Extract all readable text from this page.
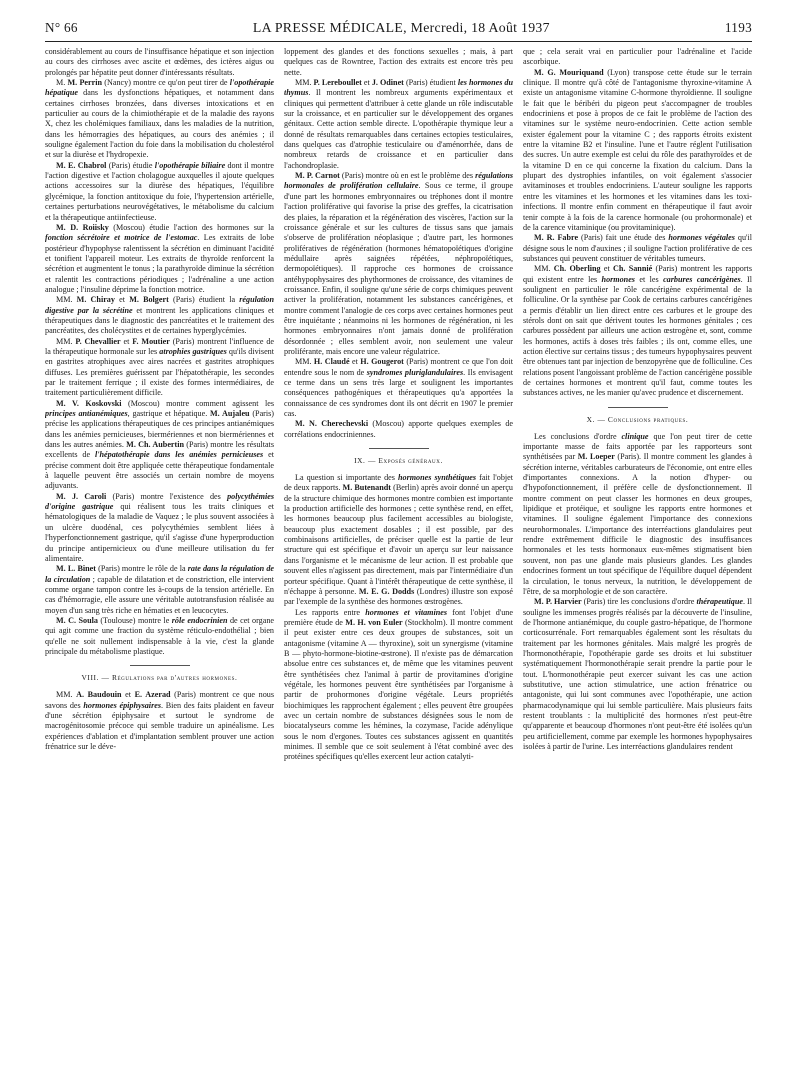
N° 66	LA PRESSE MÉDICALE, Mercredi, 18 Août 1937	1193

considérablement au cours de l'insuffisance hépatique et son injection au cours des cirrhoses avec ascite et œdèmes, des ictères aigus ou prolongés par hépatite peut donner d'intéressants résultats.

M. M. Perrin (Nancy) montre ce qu'on peut tirer de l'opothérapie hépatique dans les dysfonctions hépatiques, et notamment dans certaines cirrhoses bronzées, dans diverses intoxications et en particulier au cours de la chimiothérapie et de la maladie des rayons X, chez les cholémiques familiaux, dans les maladies de la nutrition, dans les hémorragies des hépatiques, au cours des anémies ; il souligne également l'action du foie dans la mobilisation du cholestérol et sur la diurèse et l'hydropexie.

M. E. Chabrol (Paris) étudie l'opothérapie biliaire dont il montre l'action digestive et l'action cholagogue auxquelles il ajoute quelques actions accessoires sur la diurèse des hépatiques, l'équilibre glycémique, la fonction antitoxique du foie, l'hypertension artérielle, certaines perturbations neurovégétatives, le métabolisme du calcium et la thérapeutique antiinfectieuse.

M. D. Roiisky (Moscou) étudie l'action des hormones sur la fonction sécrétoire et motrice de l'estomac. Les extraits de lobe postérieur d'hypophyse ralentissent la sécrétion en diminuant l'acidité et tonifient l'appareil moteur. Les extraits de thyroïde renforcent la sécrétion et augmentent le tonus ; la parathyroïde diminue la sécrétion et ralentit les contractions périodiques ; l'adrénaline a une action analogue ; l'insuline déprime la fonction motrice.

MM. M. Chiray et M. Bolgert (Paris) étudient la régulation digestive par la sécrétine et montrent les applications cliniques et thérapeutiques dans le diagnostic des pancréatites et le traitement des pancréatites, des cholécystites et de certaines hyperglycémies.

MM. P. Chevallier et F. Moutier (Paris) montrent l'influence de la thérapeutique hormonale sur les atrophies gastriques qu'ils divisent en gastrites atrophiques avec aires nacrées et gastrites atrophiques diffuses. Les premières guérissent par l'hépatothérapie, les secondes par le traitement ferrique ; il existe des formes intermédiaires, de traitement particulièrement difficile.

M. V. Koskovski (Moscou) montre comment agissent les principes antianémiques, gastrique et hépatique. M. Aujaleu (Paris) précise les applications thérapeutiques de ces principes antianémiques dans les anémies pernicieuses, biermériennes et non biermériennes et dans les autres anémies. M. Ch. Aubertin (Paris) montre les résultats excellents de l'hépatothérapie dans les anémies pernicieuses et précise comment doit être appliquée cette thérapeutique fondamentale à laquelle peuvent être associés un certain nombre de moyens adjuvants.

M. J. Caroli (Paris) montre l'existence des polycythémies d'origine gastrique qui réalisent tous les traits cliniques et hématologiques de la maladie de Vaquez ; le plus souvent associées à un ulcère duodénal, ces polycythémies semblent liées à l'hyperfonctionnement gastrique, qu'il s'agisse d'une hyperproduction du principe antipernicieux ou d'une meilleure utilisation du fer alimentaire.

M. L. Binet (Paris) montre le rôle de la rate dans la régulation de la circulation ; capable de dilatation et de constriction, elle intervient comme organe tampon contre les à-coups de la tension artérielle. En cas d'hémorragie, elle assure une véritable autotransfusion réalisée au moyen d'un sang très riche en hématies et en leucocytes.

M. C. Soula (Toulouse) montre le rôle endocrinien de cet organe qui agit comme une fraction du système réticulo-endothélial ; bien qu'elle ne soit nullement indispensable à la vie, c'est la glande principale du métabolisme plastique.

VIII. — Régulations par d'autres hormones.

MM. A. Baudouin et E. Azerad (Paris) montrent ce que nous savons des hormones épiphysaires. Bien des faits plaident en faveur d'une sécrétion épiphysaire et surtout le syndrome de macrogénitosomie précoce qui semble traduire un apinéalisme. Les expériences d'ablation et d'implantation semblent prouver une action frénatrice sur le déve-

loppement des glandes et des fonctions sexuelles ; mais, à part quelques cas de Rowntree, l'action des extraits est encore très peu nette.

MM. P. Lereboullet et J. Odinet (Paris) étudient les hormones du thymus. Il montrent les nombreux arguments expérimentaux et cliniques qui permettent d'attribuer à cette glande un rôle indiscutable sur la croissance, et en particulier sur le développement des organes génitaux. Cette action semble directe. L'opothérapie thymique leur a donné de résultats remarquables dans certaines ectopies testiculaires, dans quelques cas d'atrophie testiculaire ou d'aménorrhée, dans de nombreux retards de croissance et en particulier dans l'achondroplasie.

M. P. Carnot (Paris) montre où en est le problème des régulations hormonales de prolifération cellulaire. Sous ce terme, il groupe d'une part les hormones embryonnaires ou tréphones dont il montre l'action proliférative qui favorise la prise des greffes, la cicatrisation des plaies, la réparation et la régénération des viscères, l'action sur la croissance générale et sur les cultures de tissus sans que jamais s'observe de prolifération néoplasique ; d'autre part, les hormones prolifératives de régénération (hormones hématopoïétiques d'origine médullaire après saignées répétées, néphropoïétiques, dermopoïétiques). Il rapproche ces hormones de croissance antéhypophysaires des phythormones de croissance, des vitamines de croissance. Enfin, il souligne qu'une série de corps chimiques peuvent activer la prolifération, notamment les substances cancérigènes, et montre comment l'analogie de ces corps avec certaines hormones peut être inquiétante ; néanmoins ni les hormones de régénération, ni les hormones embryonnaires n'ont jamais donné de prolifération désordonnée ; elles semblent avoir, non seulement une valeur proliférante, mais encore une valeur régulatrice.

MM. H. Claudé et H. Gougerot (Paris) montrent ce que l'on doit entendre sous le nom de syndromes pluriglandulaires. Ils envisagent ce terme dans un sens très large et soulignent les importantes conséquences pathogéniques et thérapeutiques qu'a apportées la connaissance de ces syndromes dont ils ont décrit en 1907 le premier cas.

M. N. Cherechevski (Moscou) apporte quelques exemples de corrélations endocriniennes.

IX. — Exposés généraux.

La question si importante des hormones synthétiques fait l'objet de deux rapports. M. Butenandt (Berlin) après avoir donné un aperçu de la structure chimique des hormones montre combien est importante la production artificielle des hormones ; cette synthèse rend, en effet, les hormones beaucoup plus facilement accessibles au biologiste, beaucoup plus exactement dosables ; il est possible, par des combinaisons artificielles, de préciser quelle est la partie de leur structure qui est spécifique et d'avoir un aperçu sur leur naissance dans l'organisme et le mécanisme de leur action. Il est probable que souvent elles n'agissent pas directement, mais par l'intermédiaire d'un porteur spécifique. Quant à l'intérêt thérapeutique de cette synthèse, il n'échappe à personne. M. E. G. Dodds (Londres) illustre son exposé par l'exemple de la synthèse des hormones œstrogènes.

Les rapports entre hormones et vitamines font l'objet d'une première étude de M. H. von Euler (Stockholm). Il montre comment il peut exister entre ces deux groupes de substances, soit un antagonisme (vitamine A — thyroxine), soit un synergisme (vitamine B — phyto-hormone-biotine-œstrone). Il n'existe pas de démarcation absolue entre ces substances et, de même que les vitamines peuvent être synthétisées chez l'animal à partir de provitamines d'origine végétale, les hormones peuvent être synthétisées par l'organisme à partir de prohormones d'origine végétale. Leurs propriétés biochimiques les rapprochent également ; elles peuvent être groupées avec un certain nombre de substances désignées sous le nom de biocatalyseurs comme les hémines, la cozymase, l'acide adénylique sous le nom d'ergones. Toutes ces substances agissent en quantités minimes. Il semble que ce soit seulement à l'état combiné avec des protéines spécifiques qu'elles exercent leur action catalyti-

que ; cela serait vrai en particulier pour l'adrénaline et l'acide ascorbique.

M. G. Mouriquand (Lyon) transpose cette étude sur le terrain clinique. Il montre qu'à côté de l'antagonisme thyroxine-vitamine A existe un antagonisme vitamine C-hormone thyroïdienne. Il souligne le fait que le béribéri du pigeon peut s'accompagner de troubles endocriniens et pose à propos de ce fait le problème de l'action des vitamines sur le système neuro-endocrinien. Cette action semble exister également pour la vitamine C ; des rapports étroits existent entre la vitamine B2 et l'insuline. l'une et l'autre réglent l'utilisation des sucres. Un autre exemple est celui du rôle des parathyroïdes et de la vitamine D en ce qui concerne la fixation du calcium. Dans la plupart des dystrophies infantiles, on voit également s'associer avitaminoses et troubles endocriniens. L'auteur souligne les rapports entre les vitamines et les hormones et les vitamines dans les toxi-infections. Il montre enfin comment en thérapeutique il faut avoir tenir compte à la fois de la carence hormonale (ou prohormonale) et de la carence vitaminique (ou provitaminique).

M. R. Fabre (Paris) fait une étude des hormones végétales qu'il désigne sous le nom d'auxines ; il souligne l'action proliférative de ces substances qui peuvent constituer de véritables tumeurs.

MM. Ch. Oberling et Ch. Sannié (Paris) montrent les rapports qui existent entre les hormones et les carbures cancérigènes. Il soulignent en particulier le rôle cancérigène expérimental de la folliculine. Or la synthèse par Cook de certains carbures cancérigènes a permis d'établir un lien direct entre ces carbures et le groupe des stérols dont on sait que dérivent toutes les hormones génitales ; ces carbures possèdent par ailleurs une action œstrogène et, sont, comme les hormones, actifs à doses très faibles ; ils ont, comme elles, une action élective sur certains tissus ; des tumeurs hypophysaires peuvent être obtenues tant par injection de benzopyrène que de folliculine. Ces relations posent l'angoissant problème de l'action cancérigène possible de certaines hormones et montrent qu'il faut, comme toutes les substances actives, ne les manier qu'avec prudence et discernement.

X. — Conclusions pratiques.

Les conclusions d'ordre clinique que l'on peut tirer de cette importante masse de faits apportée par les rapporteurs sont synthétisées par M. Loeper (Paris). Il montre comment les glandes à sécrétion interne, véritables carburateurs de l'économie, ont entre elles d'importantes connexions. A la notion d'hyper- ou d'hypofonctionnement, il préfère celle de dysfonctionnement. Il montre comment on peut classer les hormones en deux groupes, lipidique et protéique, et souligne les rapports entre hormones et vitamines. Il souligne également l'importance des connexions neurohormonales. L'importance des interréactions glandulaires peut rendre extrêmement difficile le diagnostic des insuffisances hormonales et les tests hormonaux eux-mêmes stigmatisent bien souvent, non pas une glande mais plusieurs glandes. Les glandes endocrines forment un tout spécifique de l'équilibre duquel dépendent la circulation, le tonus nerveux, la nutrition, le développement de l'être, de sa morphologie et de son caractère.

M. P. Harvier (Paris) tire les conclusions d'ordre thérapeutique. Il souligne les immenses progrès réalisés par la découverte de l'insuline, de l'hormone antianémique, du couple gastro-hépatique, de l'hormone corticosurrénale. Fort remarquables également sont les résultats du traitement par les hormones génitales. Mais malgré les progrès de l'hormonothérapie, l'opothérapie garde ses droits et lui substituer systématiquement l'hormonothérapie serait prendre la partie pour le tout. L'hormonothérapie peut exercer suivant les cas une action substitutive, une action stimulatrice, une action frénatrice ou antagoniste, qui lui sont communes avec l'opothérapie, une action pharmacodynamique qui lui semble particulière. Mais plusieurs faits restent troublants : la multiplicité des hormones n'est peut-être qu'apparente et beaucoup d'hormones n'ont peut-être été isolées qu'un peu artificiellement, comme par exemple les hormones hypophysaires isolées à partir de l'urine. Les interréactions glandulaires rendent
